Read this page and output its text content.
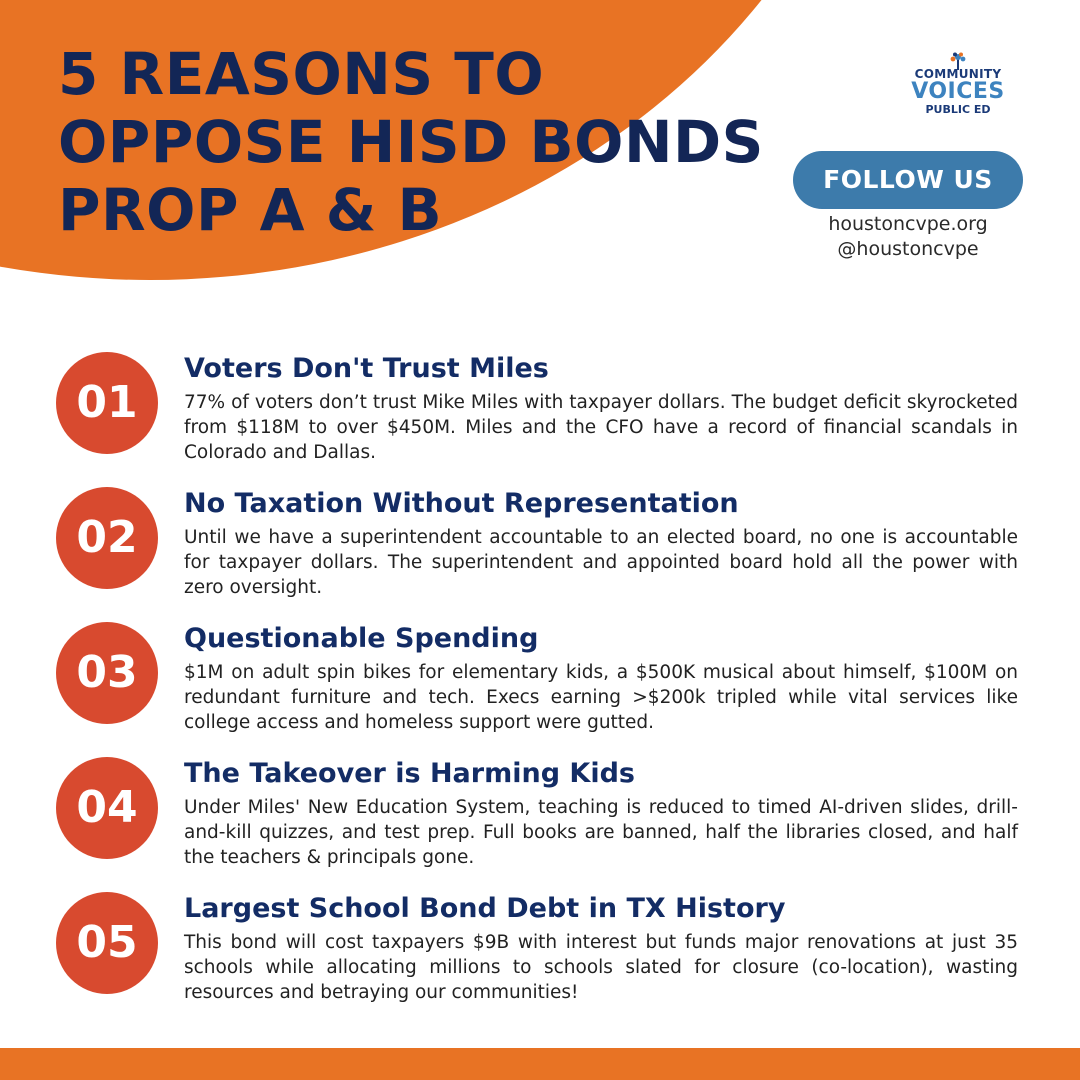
5 REASONS TO
OPPOSE HISD BONDS
PROP A & B
COMMUNITY
VOICES
PUBLIC ED
FOLLOW US
houstoncvpe.org
@houstoncvpe
01
Voters Don't Trust Miles

77% of voters don’t trust Mike Miles with taxpayer dollars. The budget deficit skyrocketed from $118M to over $450M. Miles and the CFO have a record of financial scandals in Colorado and Dallas.

02
No Taxation Without Representation

Until we have a superintendent accountable to an elected board, no one is accountable for taxpayer dollars. The superintendent and appointed board hold all the power with zero oversight.

03
Questionable Spending

$1M on adult spin bikes for elementary kids, a $500K musical about himself, $100M on redundant furniture and tech. Execs earning >$200k tripled while vital services like college access and homeless support were gutted.

04
The Takeover is Harming Kids

Under Miles' New Education System, teaching is reduced to timed AI-driven slides, drill-and-kill quizzes, and test prep. Full books are banned, half the libraries closed, and half the teachers & principals gone.

05
Largest School Bond Debt in TX History

This bond will cost taxpayers $9B with interest but funds major renovations at just 35 schools while allocating millions to schools slated for closure (co-location), wasting resources and betraying our communities!
